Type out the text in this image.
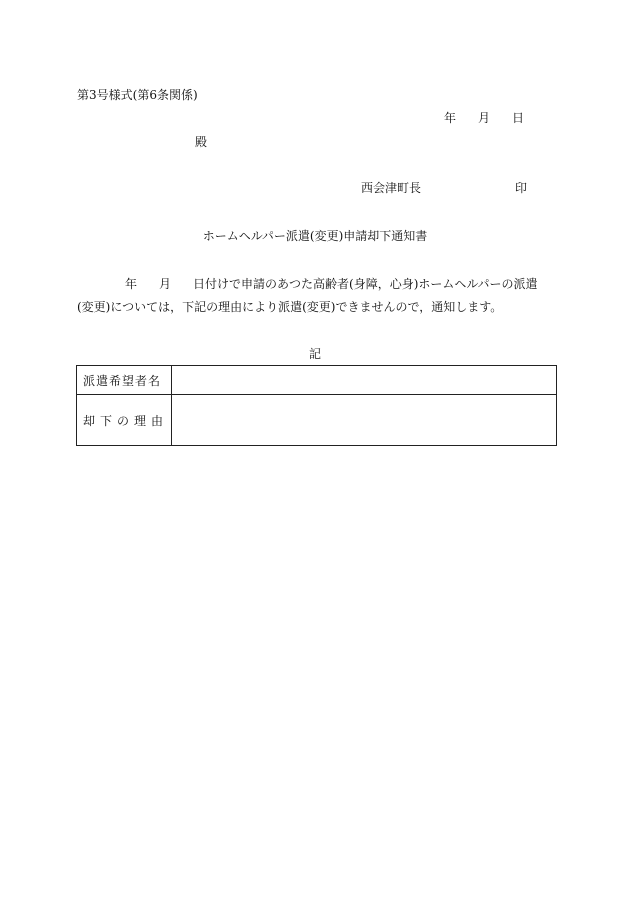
第3号様式(第6条関係)
年 月 日
殿
西会津町長	印
ホームヘルパー派遣(変更)申請却下通知書
年 月 日付けで申請のあつた高齢者(身障，心身)ホームヘルパーの派遣
(変更)については，下記の理由により派遣(変更)できませんので，通知します。
記
派遣希望者名	
却下の理由	
